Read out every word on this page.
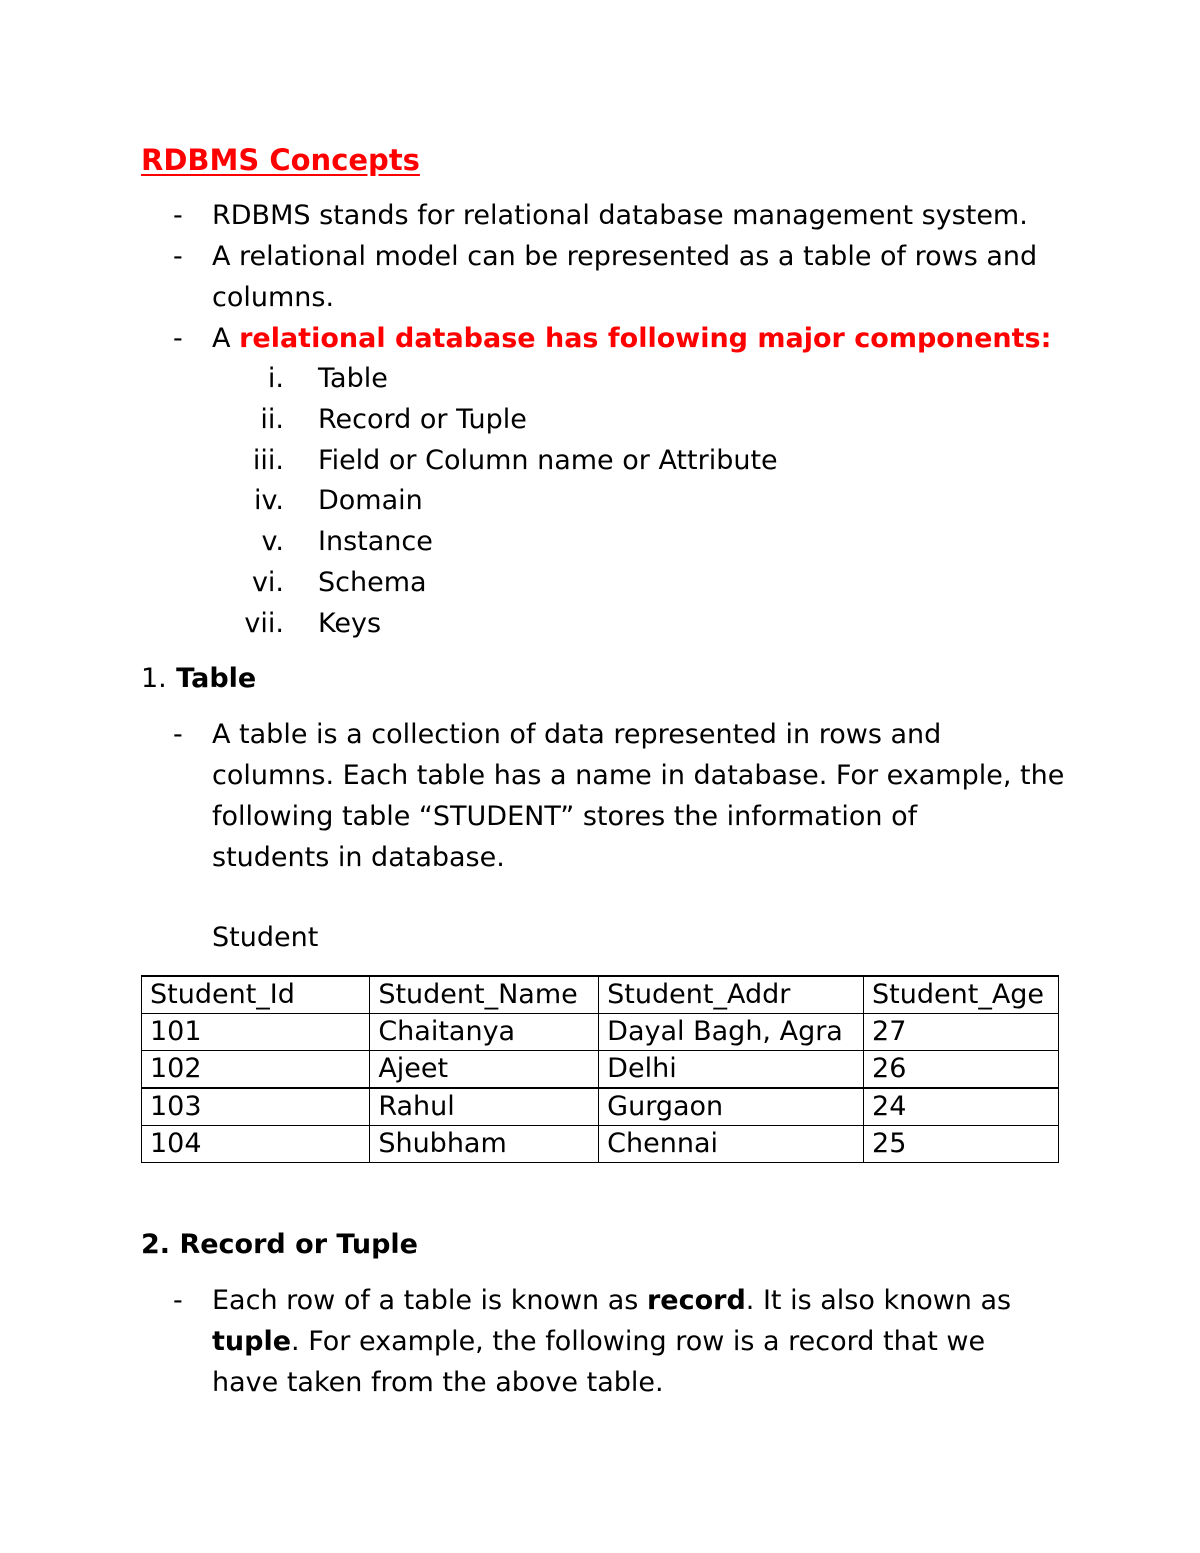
RDBMS Concepts
- RDBMS stands for relational database management system.
- A relational model can be represented as a table of rows and
columns.
- A relational database has following major components:
i. Table
ii. Record or Tuple
iii. Field or Column name or Attribute
iv. Domain
v. Instance
vi. Schema
vii. Keys
1. Table
- A table is a collection of data represented in rows and
columns. Each table has a name in database. For example, the
following table “STUDENT” stores the information of
students in database.
Student
Student_Id	Student_Name	Student_Addr	Student_Age
101	Chaitanya	Dayal Bagh, Agra	27
102	Ajeet	Delhi	26
103	Rahul	Gurgaon	24
104	Shubham	Chennai	25
2. Record or Tuple
- Each row of a table is known as record. It is also known as
tuple. For example, the following row is a record that we
have taken from the above table.
